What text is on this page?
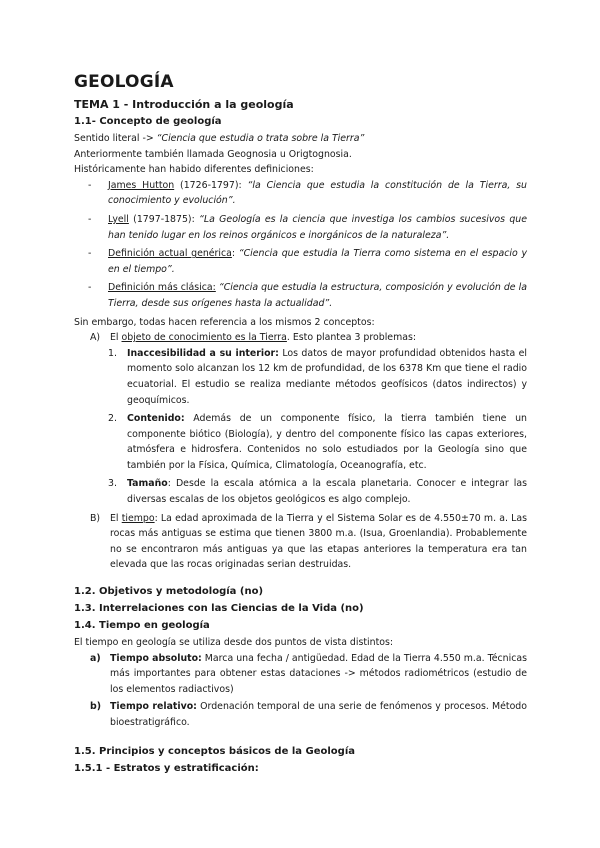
GEOLOGÍA
TEMA 1 - Introducción a la geología
1.1- Concepto de geología

Sentido literal -> “Ciencia que estudia o trata sobre la Tierra”

Anteriormente también llamada Geognosia u Origtognosia.

Históricamente han habido diferentes definiciones:

-	James Hutton (1726-1797): “la Ciencia que estudia la constitución de la Tierra, su conocimiento y evolución”.

-	Lyell (1797-1875): “La Geología es la ciencia que investiga los cambios sucesivos que han tenido lugar en los reinos orgánicos e inorgánicos de la naturaleza”.

-	Definición actual genérica: “Ciencia que estudia la Tierra como sistema en el espacio y en el tiempo”.

-	Definición más clásica: “Ciencia que estudia la estructura, composición y evolución de la Tierra, desde sus orígenes hasta la actualidad”.

Sin embargo, todas hacen referencia a los mismos 2 conceptos:

A)	El objeto de conocimiento es la Tierra. Esto plantea 3 problemas:

1.	Inaccesibilidad a su interior: Los datos de mayor profundidad obtenidos hasta el momento solo alcanzan los 12 km de profundidad, de los 6378 Km que tiene el radio ecuatorial. El estudio se realiza mediante métodos geofísicos (datos indirectos) y geoquímicos.

2.	Contenido: Además de un componente físico, la tierra también tiene un componente biótico (Biología), y dentro del componente físico las capas exteriores, atmósfera e hidrosfera. Contenidos no solo estudiados por la Geología sino que también por la Física, Química, Climatología, Oceanografía, etc.

3.	Tamaño: Desde la escala atómica a la escala planetaria. Conocer e integrar las diversas escalas de los objetos geológicos es algo complejo.

B)	El tiempo: La edad aproximada de la Tierra y el Sistema Solar es de 4.550±70 m. a. Las rocas más antiguas se estima que tienen 3800 m.a. (Isua, Groenlandia). Probablemente no se encontraron más antiguas ya que las etapas anteriores la temperatura era tan elevada que las rocas originadas serian destruidas.

1.2. Objetivos y metodología (no)
1.3. Interrelaciones con las Ciencias de la Vida (no)
1.4. Tiempo en geología

El tiempo en geología se utiliza desde dos puntos de vista distintos:

a) Tiempo absoluto: Marca una fecha / antigüedad. Edad de la Tierra 4.550 m.a. Técnicas más importantes para obtener estas dataciones -> métodos radiométricos (estudio de los elementos radiactivos)

b) Tiempo relativo: Ordenación temporal de una serie de fenómenos y procesos. Método bioestratigráfico.

1.5. Principios y conceptos básicos de la Geología
1.5.1 - Estratos y estratificación:
